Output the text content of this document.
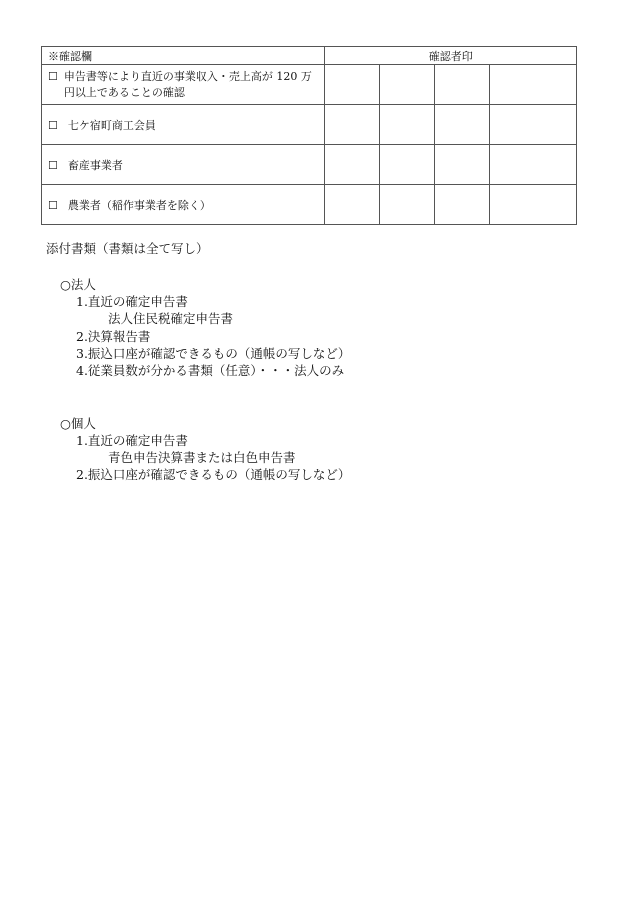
※確認欄	確認者印			

☐ 申告書等により直近の事業収入・売上高が 120 万円以上であることの確認				

☐ 七ケ宿町商工会員				
☐ 畜産事業者				
☐ 農業者（稲作事業者を除く）				
添付書類（書類は全て写し）
○法人
1.直近の確定申告書
法人住民税確定申告書
2.決算報告書
3.振込口座が確認できるもの（通帳の写しなど）
4.従業員数が分かる書類（任意）・・・法人のみ
○個人
1.直近の確定申告書
青色申告決算書または白色申告書
2.振込口座が確認できるもの（通帳の写しなど）
